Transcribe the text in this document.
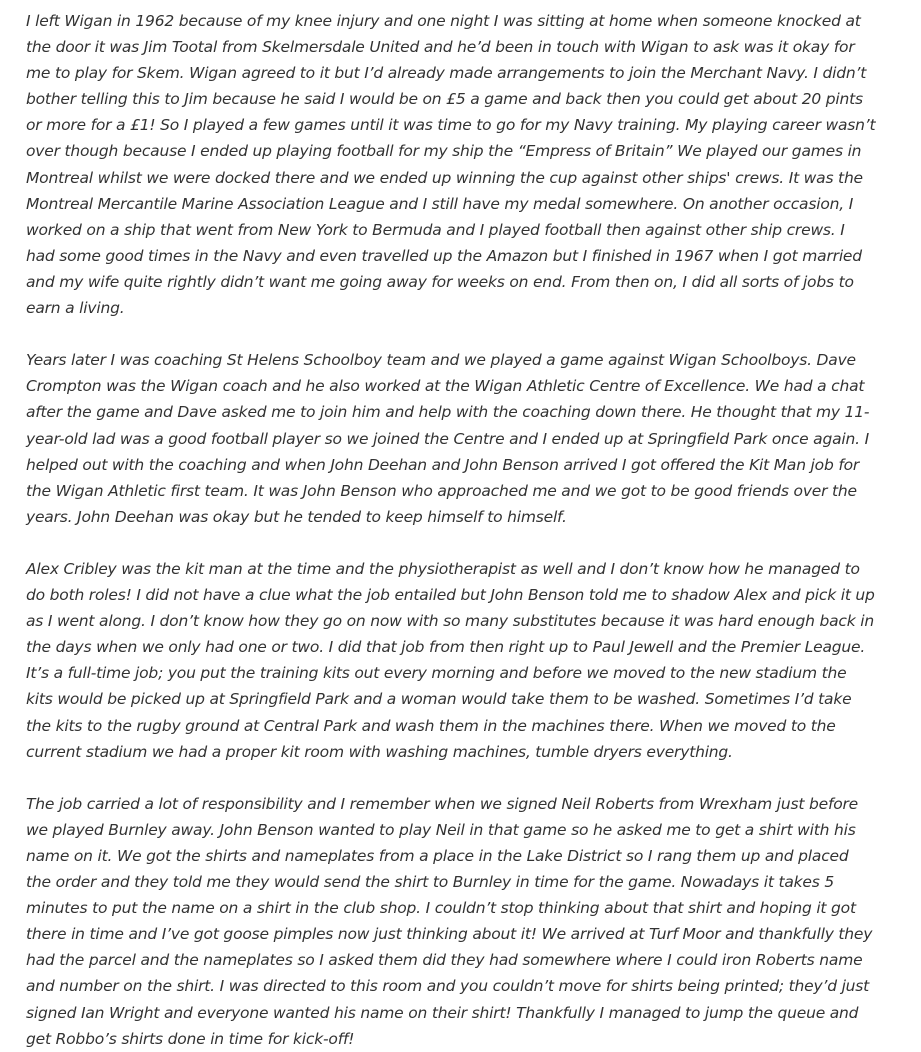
I left Wigan in 1962 because of my knee injury and one night I was sitting at home when someone knocked at the door it was Jim Tootal from Skelmersdale United and he’d been in touch with Wigan to ask was it okay for me to play for Skem. Wigan agreed to it but I’d already made arrangements to join the Merchant Navy. I didn’t bother telling this to Jim because he said I would be on £5 a game and back then you could get about 20 pints or more for a £1! So I played a few games until it was time to go for my Navy training. My playing career wasn’t over though because I ended up playing football for my ship the “Empress of Britain” We played our games in Montreal whilst we were docked there and we ended up winning the cup against other ships' crews. It was the Montreal Mercantile Marine Association League and I still have my medal somewhere. On another occasion, I worked on a ship that went from New York to Bermuda and I played football then against other ship crews. I had some good times in the Navy and even travelled up the Amazon but I finished in 1967 when I got married and my wife quite rightly didn’t want me going away for weeks on end. From then on, I did all sorts of jobs to earn a living.

Years later I was coaching St Helens Schoolboy team and we played a game against Wigan Schoolboys. Dave Crompton was the Wigan coach and he also worked at the Wigan Athletic Centre of Excellence. We had a chat after the game and Dave asked me to join him and help with the coaching down there. He thought that my 11-year-old lad was a good football player so we joined the Centre and I ended up at Springfield Park once again. I helped out with the coaching and when John Deehan and John Benson arrived I got offered the Kit Man job for the Wigan Athletic first team. It was John Benson who approached me and we got to be good friends over the years. John Deehan was okay but he tended to keep himself to himself.

Alex Cribley was the kit man at the time and the physiotherapist as well and I don’t know how he managed to do both roles! I did not have a clue what the job entailed but John Benson told me to shadow Alex and pick it up as I went along. I don’t know how they go on now with so many substitutes because it was hard enough back in the days when we only had one or two. I did that job from then right up to Paul Jewell and the Premier League. It’s a full-time job; you put the training kits out every morning and before we moved to the new stadium the kits would be picked up at Springfield Park and a woman would take them to be washed. Sometimes I’d take the kits to the rugby ground at Central Park and wash them in the machines there. When we moved to the current stadium we had a proper kit room with washing machines, tumble dryers everything.

The job carried a lot of responsibility and I remember when we signed Neil Roberts from Wrexham just before we played Burnley away. John Benson wanted to play Neil in that game so he asked me to get a shirt with his name on it. We got the shirts and nameplates from a place in the Lake District so I rang them up and placed the order and they told me they would send the shirt to Burnley in time for the game. Nowadays it takes 5 minutes to put the name on a shirt in the club shop. I couldn’t stop thinking about that shirt and hoping it got there in time and I’ve got goose pimples now just thinking about it! We arrived at Turf Moor and thankfully they had the parcel and the nameplates so I asked them did they had somewhere where I could iron Roberts name and number on the shirt. I was directed to this room and you couldn’t move for shirts being printed; they’d just signed Ian Wright and everyone wanted his name on their shirt! Thankfully I managed to jump the queue and get Robbo’s shirts done in time for kick-off!
